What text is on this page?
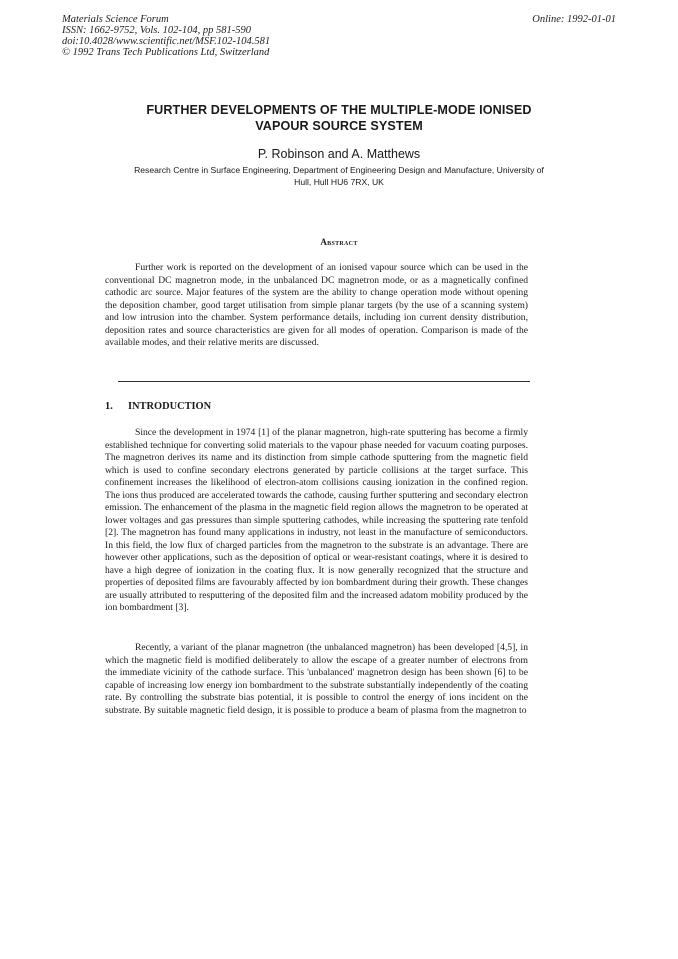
Materials Science Forum
ISSN: 1662-9752, Vols. 102-104, pp 581-590
doi:10.4028/www.scientific.net/MSF.102-104.581
© 1992 Trans Tech Publications Ltd, Switzerland
Online: 1992-01-01
FURTHER DEVELOPMENTS OF THE MULTIPLE-MODE IONISED
VAPOUR SOURCE SYSTEM
P. Robinson and A. Matthews
Research Centre in Surface Engineering, Department of Engineering Design and Manufacture, University of
Hull, Hull HU6 7RX, UK
Abstract

Further work is reported on the development of an ionised vapour source which can be used in the conventional DC magnetron mode, in the unbalanced DC magnetron mode, or as a magnetically confined cathodic arc source. Major features of the system are the ability to change operation mode without opening the deposition chamber, good target utilisation from simple planar targets (by the use of a scanning system) and low intrusion into the chamber. System performance details, including ion current density distribution, deposition rates and source characteristics are given for all modes of operation. Comparison is made of the available modes, and their relative merits are discussed.

1. INTRODUCTION

Since the development in 1974 [1] of the planar magnetron, high-rate sputtering has become a firmly established technique for converting solid materials to the vapour phase needed for vacuum coating purposes. The magnetron derives its name and its distinction from simple cathode sputtering from the magnetic field which is used to confine secondary electrons generated by particle collisions at the target surface. This confinement increases the likelihood of electron-atom collisions causing ionization in the confined region. The ions thus produced are accelerated towards the cathode, causing further sputtering and secondary electron emission. The enhancement of the plasma in the magnetic field region allows the magnetron to be operated at lower voltages and gas pressures than simple sputtering cathodes, while increasing the sputtering rate tenfold [2]. The magnetron has found many applications in industry, not least in the manufacture of semiconductors. In this field, the low flux of charged particles from the magnetron to the substrate is an advantage. There are however other applications, such as the deposition of optical or wear-resistant coatings, where it is desired to have a high degree of ionization in the coating flux. It is now generally recognized that the structure and properties of deposited films are favourably affected by ion bombardment during their growth. These changes are usually attributed to resputtering of the deposited film and the increased adatom mobility produced by the ion bombardment [3].

Recently, a variant of the planar magnetron (the unbalanced magnetron) has been developed [4,5], in which the magnetic field is modified deliberately to allow the escape of a greater number of electrons from the immediate vicinity of the cathode surface. This 'unbalanced' magnetron design has been shown [6] to be capable of increasing low energy ion bombardment to the substrate substantially independently of the coating rate. By controlling the substrate bias potential, it is possible to control the energy of ions incident on the substrate. By suitable magnetic field design, it is possible to produce a beam of plasma from the magnetron to
